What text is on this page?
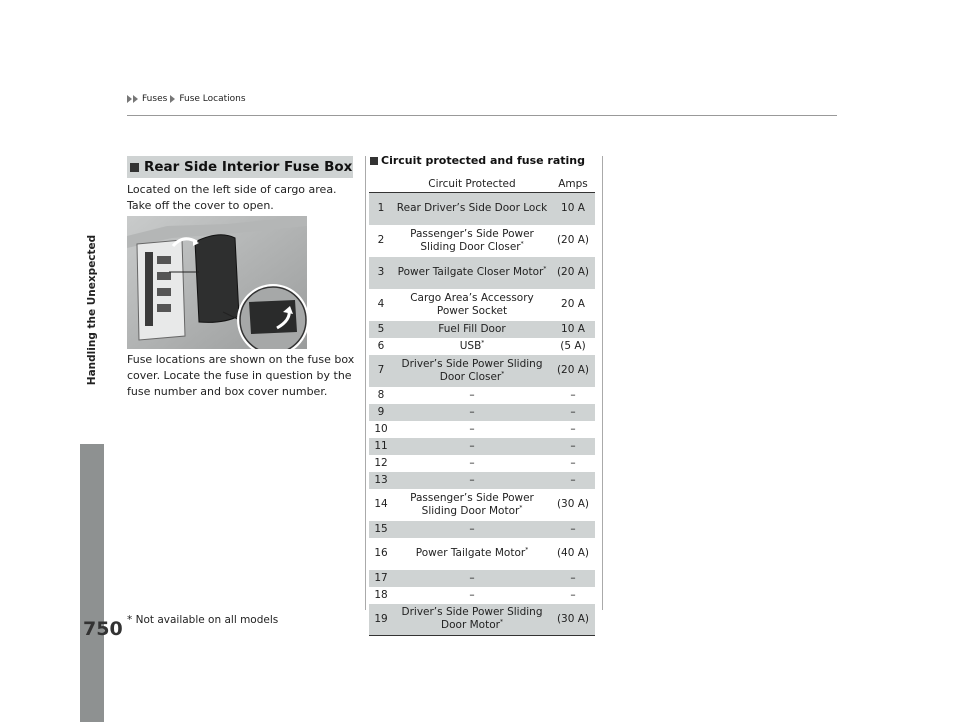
Fuses Fuse Locations
Handling the Unexpected
750 * Not available on all models
Rear Side Interior Fuse Box
Located on the left side of cargo area. Take off the cover to open.
Fuse locations are shown on the fuse box cover. Locate the fuse in question by the fuse number and box cover number.
Circuit protected and fuse rating
	Circuit Protected	Amps
1	Rear Driver’s Side Door Lock	10 A
2	Passenger’s Side Power Sliding Door Closer*	(20 A)
3	Power Tailgate Closer Motor*	(20 A)
4	Cargo Area’s Accessory Power Socket	20 A
5	Fuel Fill Door	10 A
6	USB*	(5 A)
7	Driver’s Side Power Sliding Door Closer*	(20 A)
8	–	–
9	–	–
10	–	–
11	–	–
12	–	–
13	–	–
14	Passenger’s Side Power Sliding Door Motor*	(30 A)
15	–	–
16	Power Tailgate Motor*	(40 A)
17	–	–
18	–	–
19	Driver’s Side Power Sliding Door Motor*	(30 A)
